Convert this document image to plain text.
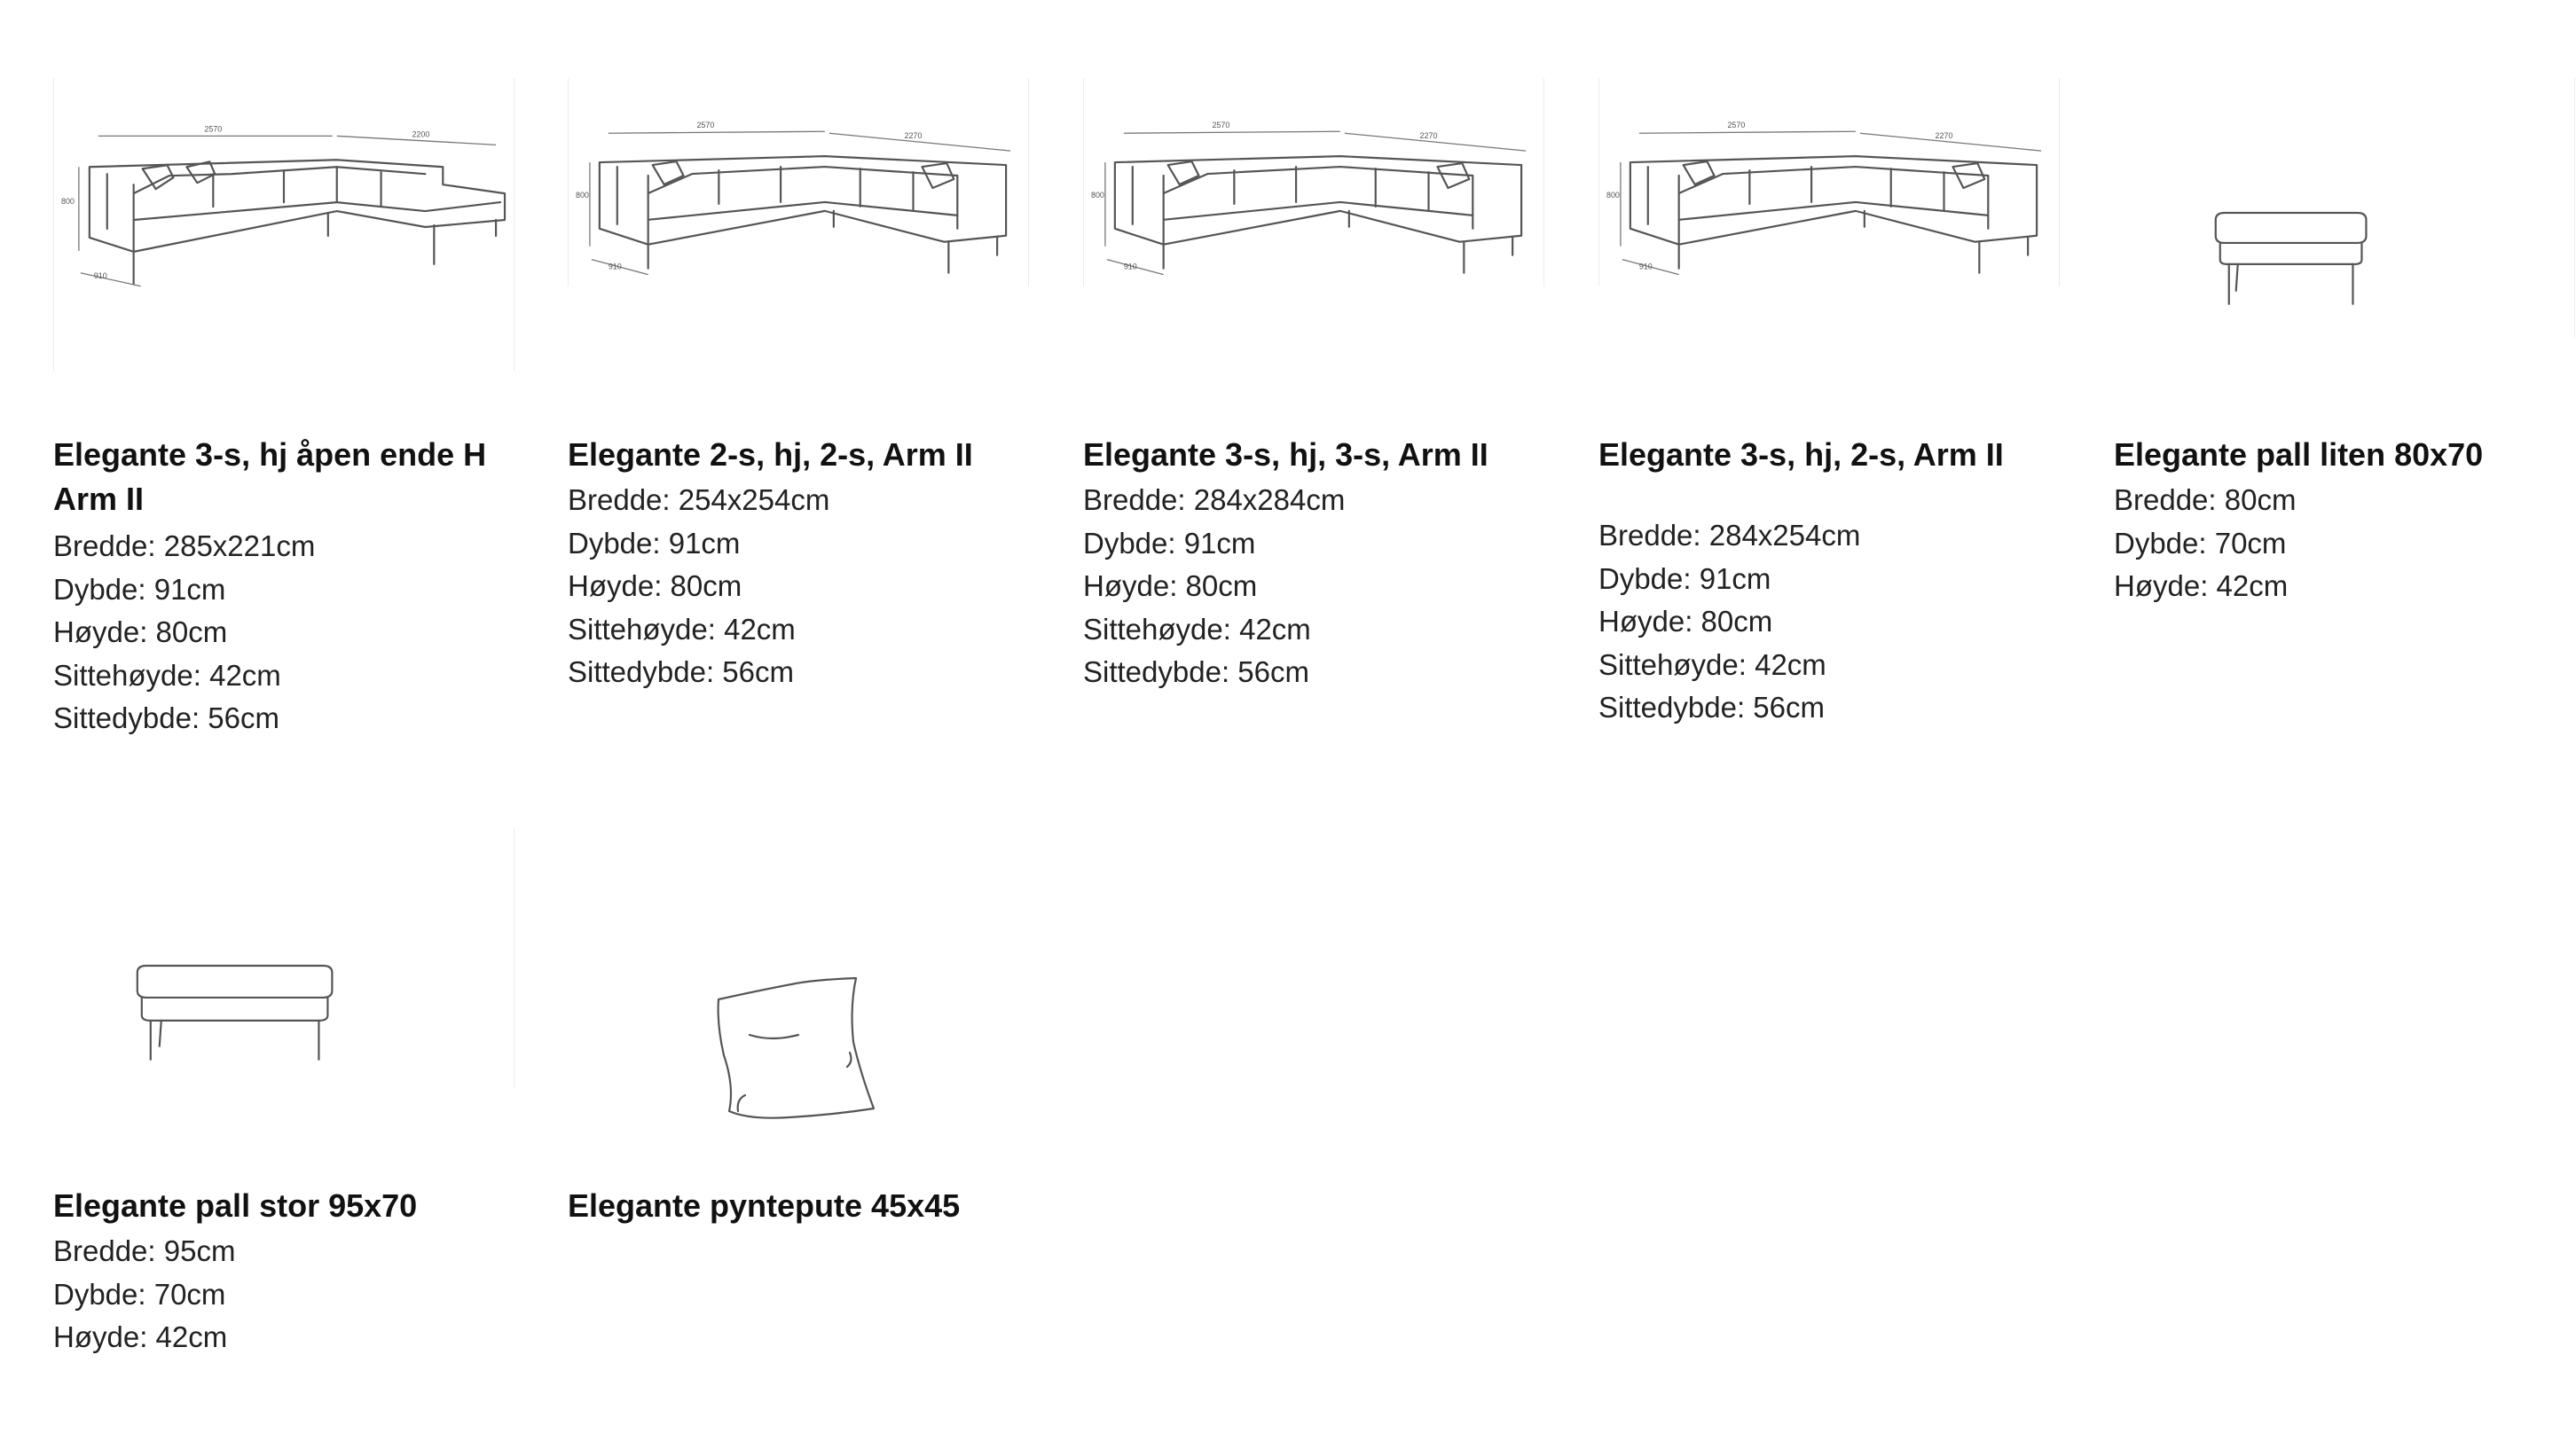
2570
2200
800
910
Elegante 3-s, hj åpen ende H Arm II
Bredde: 285x221cm
Dybde: 91cm
Høyde: 80cm
Sittehøyde: 42cm
Sittedybde: 56cm
2570
2270
800
910
Elegante 2-s, hj, 2-s, Arm II
Bredde: 254x254cm
Dybde: 91cm
Høyde: 80cm
Sittehøyde: 42cm
Sittedybde: 56cm
2570
2270
800
910
Elegante 3-s, hj, 3-s, Arm II
Bredde: 284x284cm
Dybde: 91cm
Høyde: 80cm
Sittehøyde: 42cm
Sittedybde: 56cm
2570
2270
800
910
Elegante 3-s, hj, 2-s, Arm II
Bredde: 284x254cm
Dybde: 91cm
Høyde: 80cm
Sittehøyde: 42cm
Sittedybde: 56cm
Elegante pall liten 80x70
Bredde: 80cm
Dybde: 70cm
Høyde: 42cm
Elegante pall stor 95x70
Bredde: 95cm
Dybde: 70cm
Høyde: 42cm
Elegante pyntepute 45x45
